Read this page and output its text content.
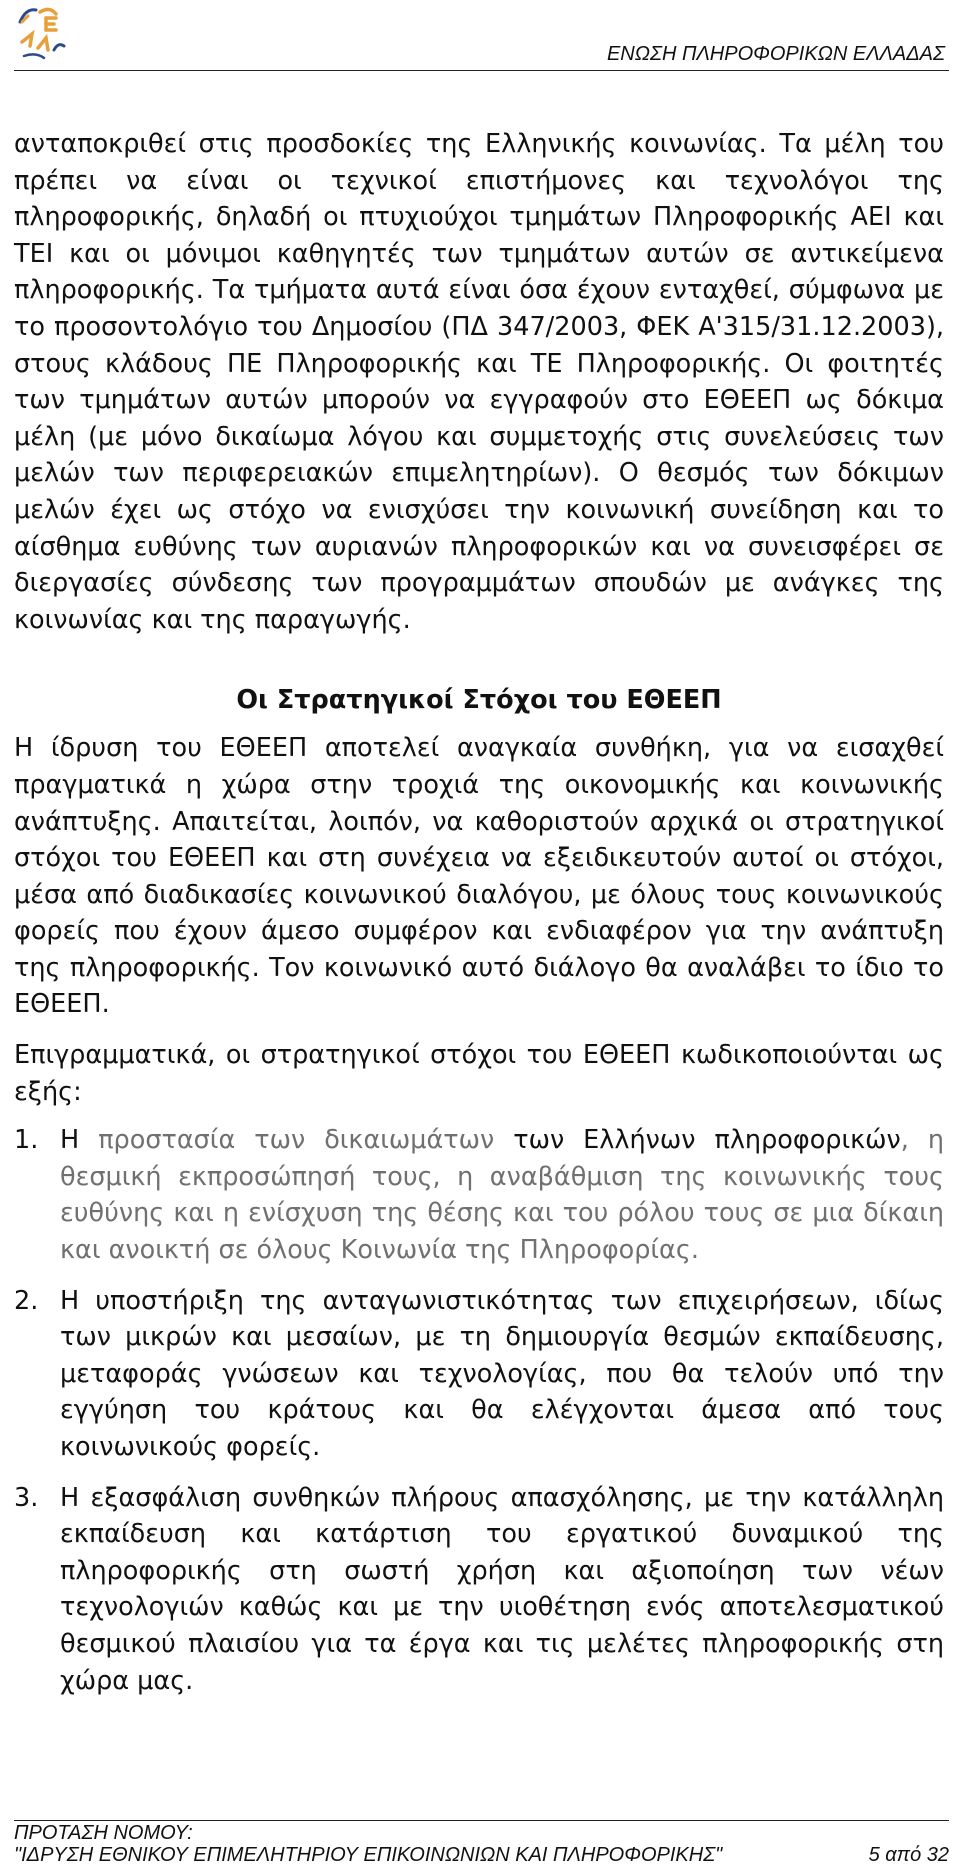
ΕΝΩΣΗ ΠΛΗΡΟΦΟΡΙΚΩΝ ΕΛΛΑΔΑΣ

ανταποκριθεί στις προσδοκίες της Ελληνικής κοινωνίας. Τα μέλη του πρέπει να είναι οι τεχνικοί επιστήμονες και τεχνολόγοι της πληροφορικής, δηλαδή οι πτυχιούχοι τμημάτων Πληροφορικής ΑΕΙ και ΤΕΙ και οι μόνιμοι καθηγητές των τμημάτων αυτών σε αντικείμενα πληροφορικής. Τα τμήματα αυτά είναι όσα έχουν ενταχθεί, σύμφωνα με το προσοντολόγιο του Δημοσίου (ΠΔ 347/2003, ΦΕΚ Α'315/31.12.2003), στους κλάδους ΠΕ Πληροφορικής και ΤΕ Πληροφορικής. Οι φοιτητές των τμημάτων αυτών μπορούν να εγγραφούν στο ΕΘΕΕΠ ως δόκιμα μέλη (με μόνο δικαίωμα λόγου και συμμετοχής στις συνελεύσεις των μελών των περιφερειακών επιμελητηρίων). Ο θεσμός των δόκιμων μελών έχει ως στόχο να ενισχύσει την κοινωνική συνείδηση και το αίσθημα ευθύνης των αυριανών πληροφορικών και να συνεισφέρει σε διεργασίες σύνδεσης των προγραμμάτων σπουδών με ανάγκες της κοινωνίας και της παραγωγής.

Οι Στρατηγικοί Στόχοι του ΕΘΕΕΠ

Η ίδρυση του ΕΘΕΕΠ αποτελεί αναγκαία συνθήκη, για να εισαχθεί πραγματικά η χώρα στην τροχιά της οικονομικής και κοινωνικής ανάπτυξης. Απαιτείται, λοιπόν, να καθοριστούν αρχικά οι στρατηγικοί στόχοι του ΕΘΕΕΠ και στη συνέχεια να εξειδικευτούν αυτοί οι στόχοι, μέσα από διαδικασίες κοινωνικού διαλόγου, με όλους τους κοινωνικούς φορείς που έχουν άμεσο συμφέρον και ενδιαφέρον για την ανάπτυξη της πληροφορικής. Τον κοινωνικό αυτό διάλογο θα αναλάβει το ίδιο το ΕΘΕΕΠ.

Επιγραμματικά, οι στρατηγικοί στόχοι του ΕΘΕΕΠ κωδικοποιούνται ως εξής:

1. Η προστασία των δικαιωμάτων των Ελλήνων πληροφορικών, η θεσμική εκπροσώπησή τους, η αναβάθμιση της κοινωνικής τους ευθύνης και η ενίσχυση της θέσης και του ρόλου τους σε μια δίκαιη και ανοικτή σε όλους Κοινωνία της Πληροφορίας.
2. Η υποστήριξη της ανταγωνιστικότητας των επιχειρήσεων, ιδίως των μικρών και μεσαίων, με τη δημιουργία θεσμών εκπαίδευσης, μεταφοράς γνώσεων και τεχνολογίας, που θα τελούν υπό την εγγύηση του κράτους και θα ελέγχονται άμεσα από τους κοινωνικούς φορείς.
3. Η εξασφάλιση συνθηκών πλήρους απασχόλησης, με την κατάλληλη εκπαίδευση και κατάρτιση του εργατικού δυναμικού της πληροφορικής στη σωστή χρήση και αξιοποίηση των νέων τεχνολογιών καθώς και με την υιοθέτηση ενός αποτελεσματικού θεσμικού πλαισίου για τα έργα και τις μελέτες πληροφορικής στη χώρα μας.
ΠΡΟΤΑΣΗ ΝΟΜΟΥ:
"ΙΔΡΥΣΗ ΕΘΝΙΚΟΥ ΕΠΙΜΕΛΗΤΗΡΙΟΥ ΕΠΙΚΟΙΝΩΝΙΩΝ ΚΑΙ ΠΛΗΡΟΦΟΡΙΚΗΣ"	5 από 32
